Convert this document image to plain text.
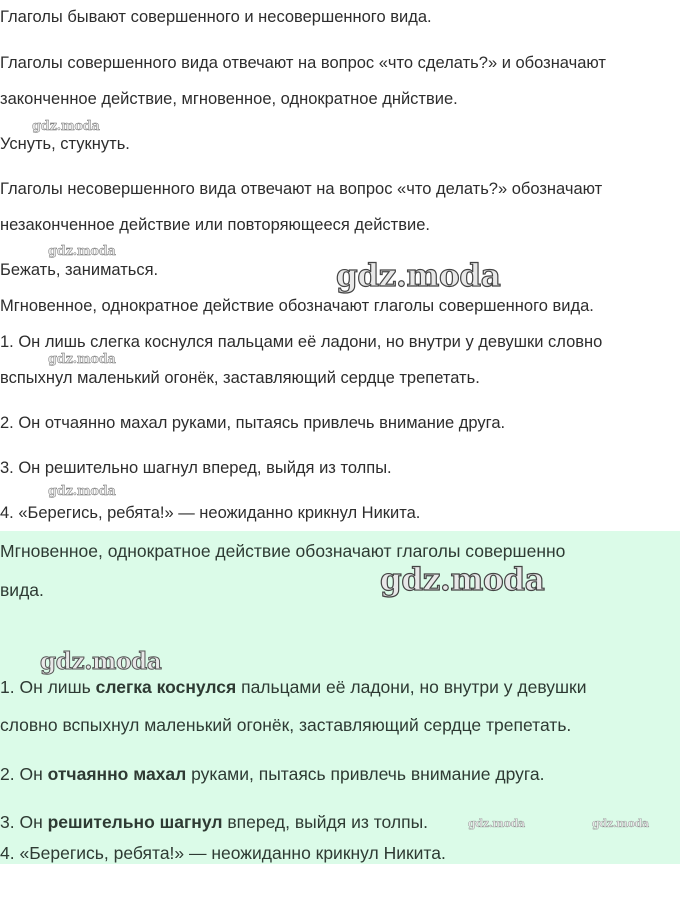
Глаголы бывают совершенного и несовершенного вида.
Глаголы совершенного вида отвечают на вопрос «что сделать?» и обозначают
законченное действие, мгновенное, однократное днйствие.
Уснуть, стукнуть.
Глаголы несовершенного вида отвечают на вопрос «что делать?» обозначают
незаконченное действие или повторяющееся действие.
Бежать, заниматься.
Мгновенное, однократное действие обозначают глаголы совершенного вида.
1. Он лишь слегка коснулся пальцами её ладони, но внутри у девушки словно
вспыхнул маленький огонёк, заставляющий сердце трепетать.
2. Он отчаянно махал руками, пытаясь привлечь внимание друга.
3. Он решительно шагнул вперед, выйдя из толпы.
4. «Берегись, ребята!» — неожиданно крикнул Никита.
Мгновенное, однократное действие обозначают глаголы совершенно
вида.
1. Он лишь слегка коснулся пальцами её ладони, но внутри у девушки
словно вспыхнул маленький огонёк, заставляющий сердце трепетать.
2. Он отчаянно махал руками, пытаясь привлечь внимание друга.
3. Он решительно шагнул вперед, выйдя из толпы.
4. «Берегись, ребята!» — неожиданно крикнул Никита.
gdz.moda
gdz.moda
gdz.moda
gdz.moda
gdz.moda
gdz.moda
gdz.moda
gdz.moda	gdz.moda
